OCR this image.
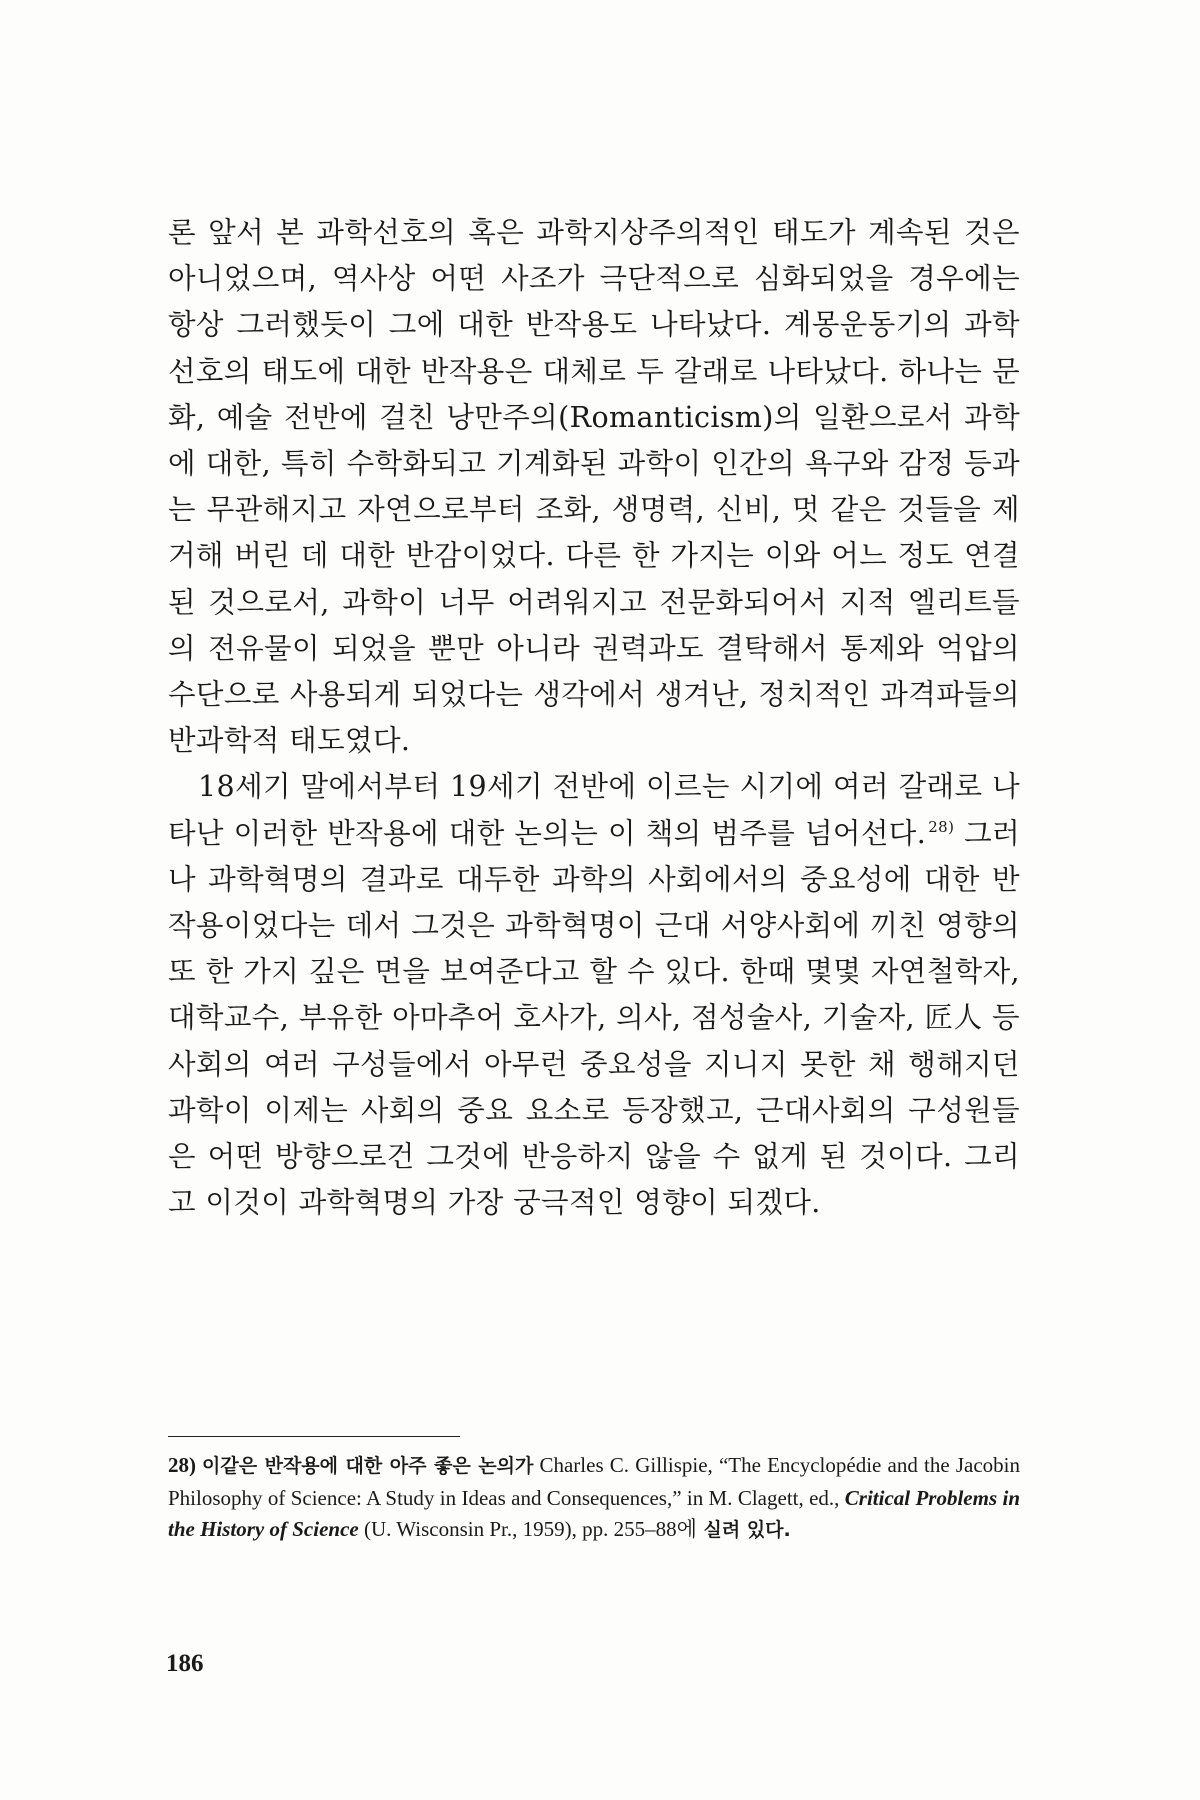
론 앞서 본 과학선호의 혹은 과학지상주의적인 태도가 계속된 것은 아니었으며, 역사상 어떤 사조가 극단적으로 심화되었을 경우에는 항상 그러했듯이 그에 대한 반작용도 나타났다. 계몽운동기의 과학 선호의 태도에 대한 반작용은 대체로 두 갈래로 나타났다. 하나는 문화, 예술 전반에 걸친 낭만주의(Romanticism)의 일환으로서 과학에 대한, 특히 수학화되고 기계화된 과학이 인간의 욕구와 감정 등과는 무관해지고 자연으로부터 조화, 생명력, 신비, 멋 같은 것들을 제거해 버린 데 대한 반감이었다. 다른 한 가지는 이와 어느 정도 연결된 것으로서, 과학이 너무 어려워지고 전문화되어서 지적 엘리트들의 전유물이 되었을 뿐만 아니라 권력과도 결탁해서 통제와 억압의 수단으로 사용되게 되었다는 생각에서 생겨난, 정치적인 과격파들의 반과학적 태도였다.

18세기 말에서부터 19세기 전반에 이르는 시기에 여러 갈래로 나타난 이러한 반작용에 대한 논의는 이 책의 범주를 넘어선다. $^{28)}$ 그러나 과학혁명의 결과로 대두한 과학의 사회에서의 중요성에 대한 반작용이었다는 데서 그것은 과학혁명이 근대 서양사회에 끼친 영향의 또 한 가지 깊은 면을 보여준다고 할 수 있다. 한때 몇몇 자연철학자, 대학교수, 부유한 아마추어 호사가, 의사, 점성술사, 기술자, 匠人 등 사회의 여러 구성들에서 아무런 중요성을 지니지 못한 채 행해지던 과학이 이제는 사회의 중요 요소로 등장했고, 근대사회의 구성원들은 어떤 방향으로건 그것에 반응하지 않을 수 없게 된 것이다. 그리고 이것이 과학혁명의 가장 궁극적인 영향이 되겠다.

28) 이같은 반작용에 대한 아주 좋은 논의가 Charles C. Gillispie, “The Encyclopédie and the Jacobin Philosophy of Science: A Study in Ideas and Consequences,” in M. Clagett, ed., Critical Problems in the History of Science (U. Wisconsin Pr., 1959), pp. 255–88에 실려 있다.
186
